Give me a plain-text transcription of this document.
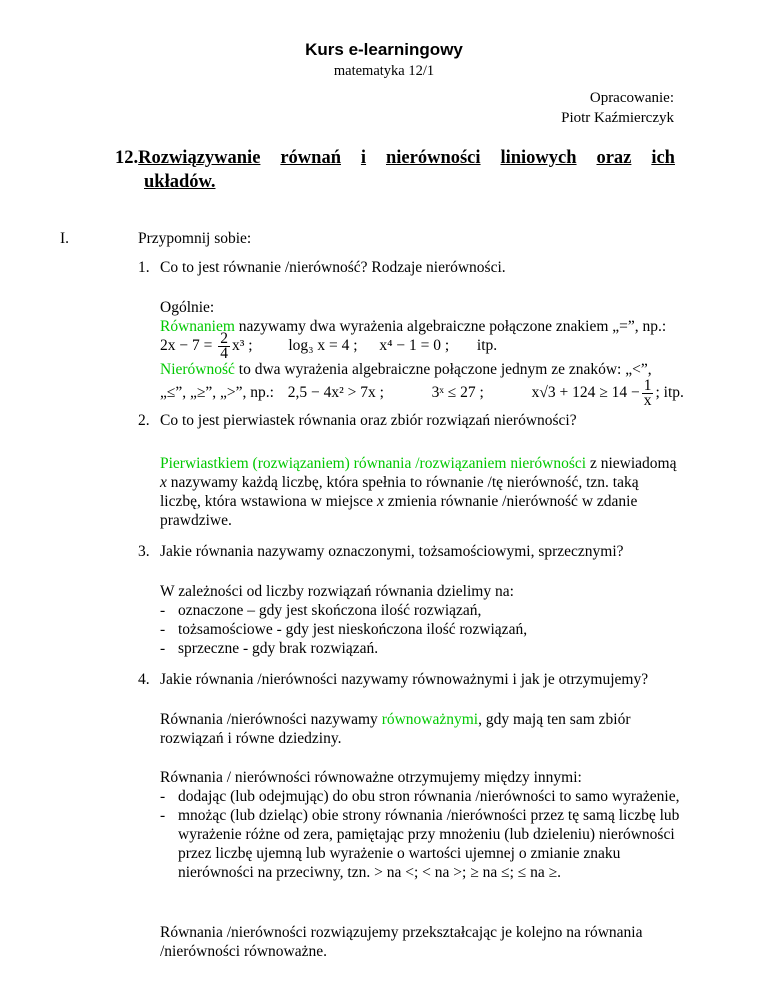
Kurs e-learningowy
matematyka 12/1
Opracowanie:
Piotr Kaźmierczyk
12.Rozwiązywanie równań i nierówności liniowych oraz ich
układów.
I.	Przypomnij sobie:
1. Co to jest równanie /nierówność? Rodzaje nierówności.
Ogólnie:
Równaniem nazywamy dwa wyrażenia algebraiczne połączone znakiem „=”, np.:
$2x - 7 = \frac{2}{4} x^3$ ; log₃ x = 4 ; x⁴ − 1 = 0 ; itp.
Nierówność to dwa wyrażenia algebraiczne połączone jednym ze znaków: „<”,
„≤”, „≥”, „>”, np.: 2,5 − 4x² > 7x ;	3ˣ ≤ 27 ;	$x√3 + 124 \ge 14 - \frac{1}{x}$ ; itp.
2. Co to jest pierwiastek równania oraz zbiór rozwiązań nierówności?
Pierwiastkiem (rozwiązaniem) równania /rozwiązaniem nierówności z niewiadomą x nazywamy każdą liczbę, która spełnia to równanie /tę nierówność, tzn. taką liczbę, która wstawiona w miejsce x zmienia równanie /nierówność w zdanie prawdziwe.
3. Jakie równania nazywamy oznaczonymi, tożsamościowymi, sprzecznymi?
W zależności od liczby rozwiązań równania dzielimy na:
- oznaczone – gdy jest skończona ilość rozwiązań,
- tożsamościowe - gdy jest nieskończona ilość rozwiązań,
- sprzeczne - gdy brak rozwiązań.
4. Jakie równania /nierówności nazywamy równoważnymi i jak je otrzymujemy?
Równania /nierówności nazywamy równoważnymi, gdy mają ten sam zbiór rozwiązań i równe dziedziny.
Równania / nierówności równoważne otrzymujemy między innymi:
- dodając (lub odejmując) do obu stron równania /nierówności to samo wyrażenie,
- mnożąc (lub dzieląc) obie strony równania /nierówności przez tę samą liczbę lub wyrażenie różne od zera, pamiętając przy mnożeniu (lub dzieleniu) nierówności przez liczbę ujemną lub wyrażenie o wartości ujemnej o zmianie znaku nierówności na przeciwny, tzn. > na <; < na >; ≥ na ≤; ≤ na ≥.
Równania /nierówności rozwiązujemy przekształcając je kolejno na równania /nierówności równoważne.
